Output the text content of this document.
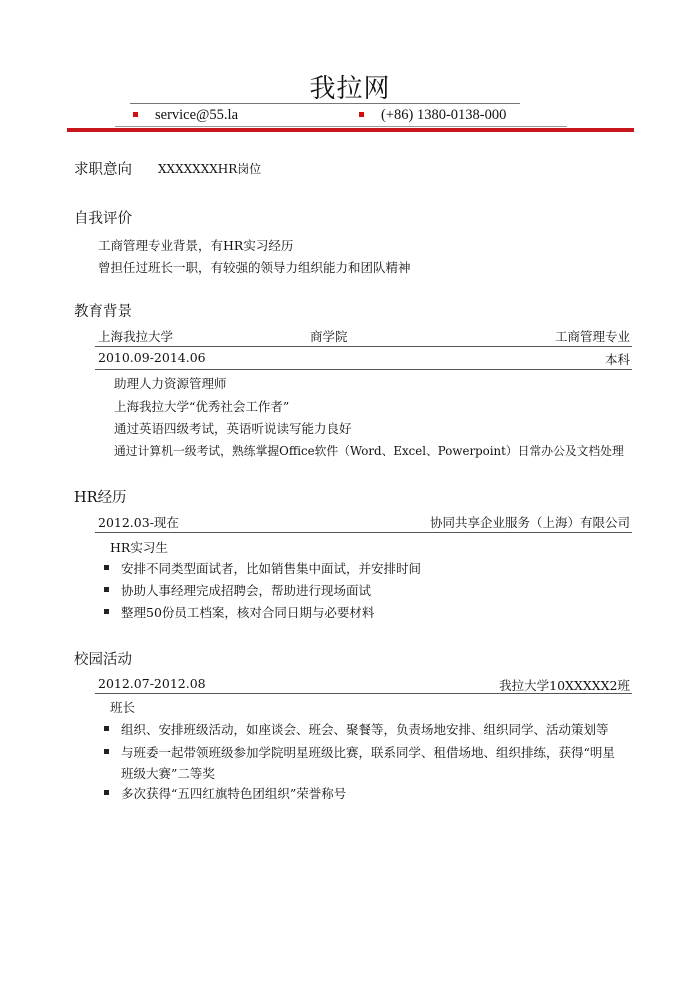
我拉网
service@55.la	(+86) 1380-0138-000
求职意向 XXXXXXXHR岗位
自我评价
工商管理专业背景，有HR实习经历
曾担任过班长一职，有较强的领导力组织能力和团队精神
教育背景
上海我拉大学	商学院	工商管理专业
2010.09-2014.06	本科
助理人力资源管理师
上海我拉大学“优秀社会工作者”
通过英语四级考试，英语听说读写能力良好
通过计算机一级考试，熟练掌握Office软件（Word、Excel、Powerpoint）日常办公及文档处理
HR经历
2012.03-现在	协同共享企业服务（上海）有限公司
HR实习生
安排不同类型面试者，比如销售集中面试，并安排时间
协助人事经理完成招聘会，帮助进行现场面试
整理50份员工档案，核对合同日期与必要材料
校园活动
2012.07-2012.08	我拉大学10XXXXX2班
班长
组织、安排班级活动，如座谈会、班会、聚餐等，负责场地安排、组织同学、活动策划等
与班委一起带领班级参加学院明星班级比赛，联系同学、租借场地、组织排练，获得“明星
班级大赛”二等奖
多次获得“五四红旗特色团组织”荣誉称号
